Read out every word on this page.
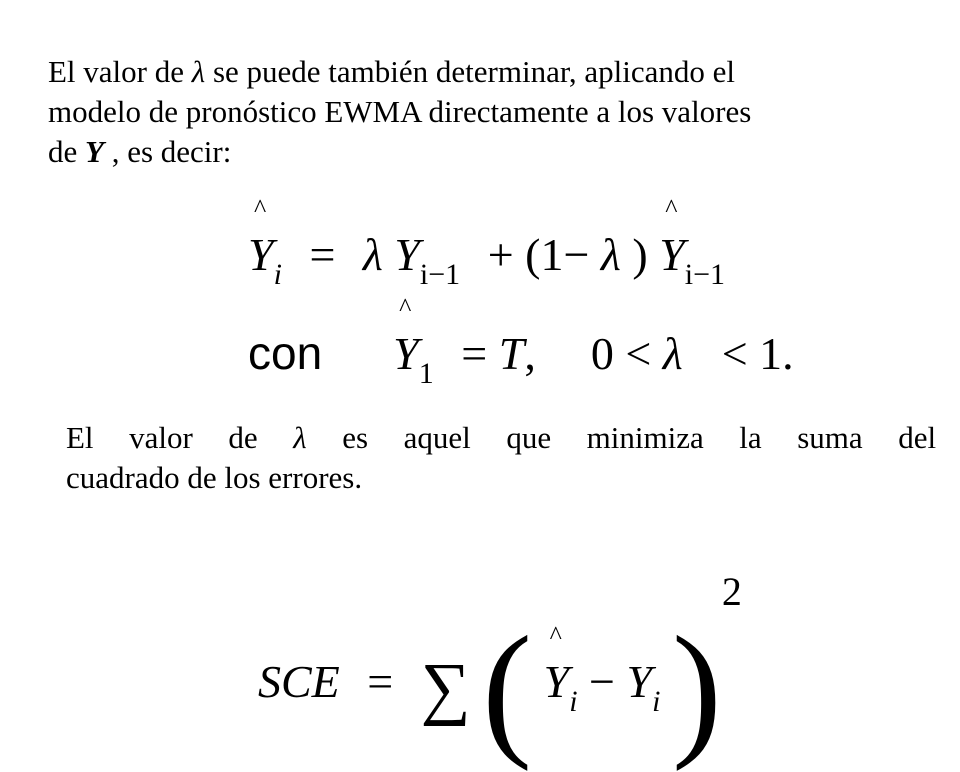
El valor de λ se puede también determinar, aplicando el
modelo de pronóstico EWMA directamente a los valores
de Y , es decir:
^
$Y_i = \lambda$ $Y_{i-1} + (1- \lambda$ )
^
$Y_{i-1}$
con
^
$Y_1 = T$, 0 < λ < 1.
El valor de λ es aquel que minimiza la suma del
cuadrado de los errores.
SCE = ∑ ( ^
$Y_i - Y_i$ )2
